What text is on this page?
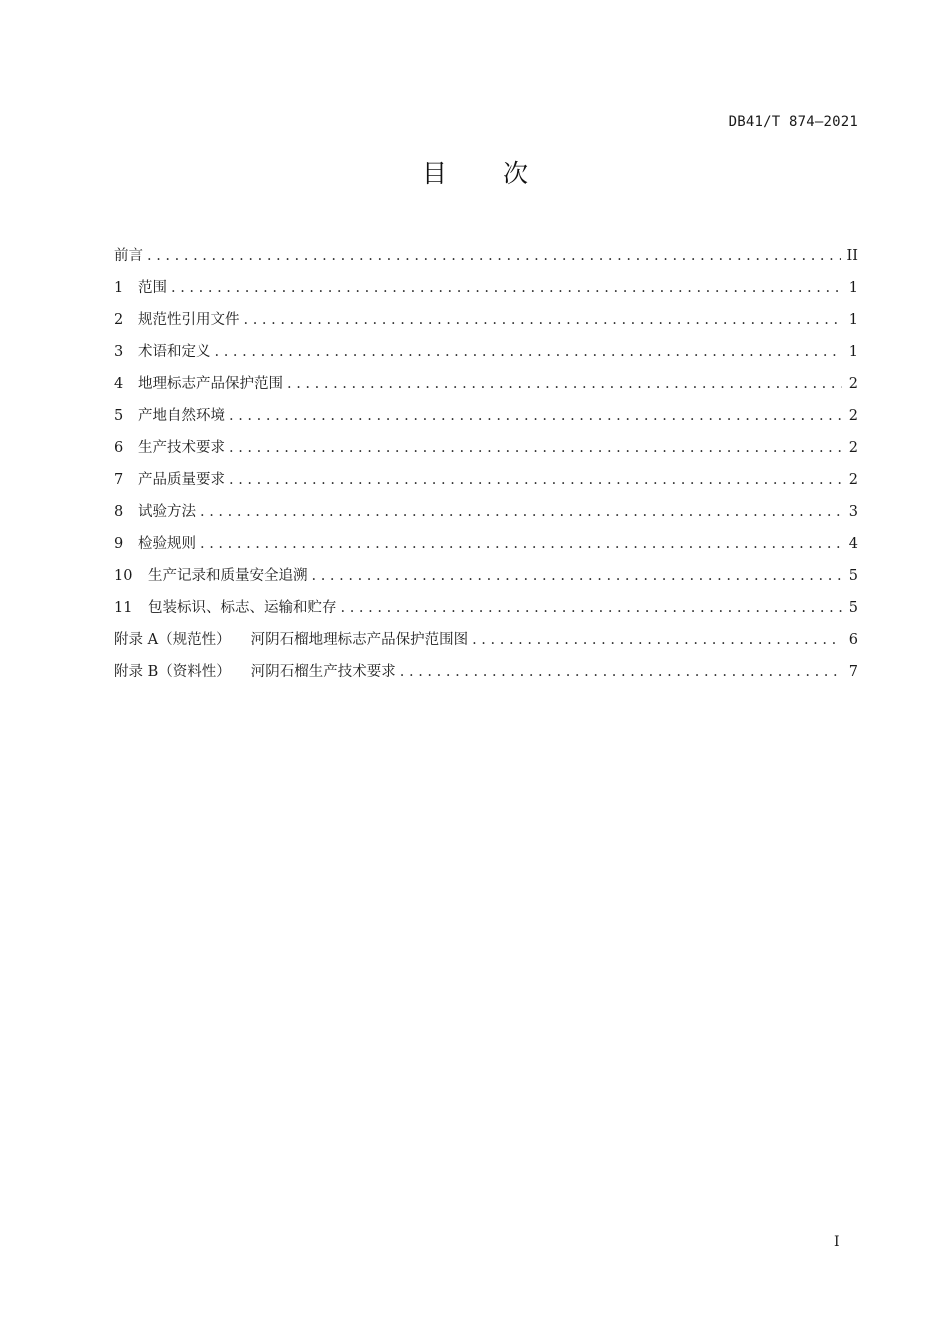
DB41/T 874—2021
目 次
前言 . . .	II
1	范围 . . .	1
2	规范性引用文件 . . .	1
3	术语和定义 . . .	1
4	地理标志产品保护范围 . . .	2
5	产地自然环境 . . .	2
6	生产技术要求 . . .	2
7	产品质量要求 . . .	2
8	试验方法 . . .	3
9	检验规则 . . .	4
10	生产记录和质量安全追溯 . . .	5
11	包装标识、标志、运输和贮存 . . .	5
附录 A（规范性） 河阴石榴地理标志产品保护范围图 . . .	6
附录 B（资料性） 河阴石榴生产技术要求 . . .	7
I
